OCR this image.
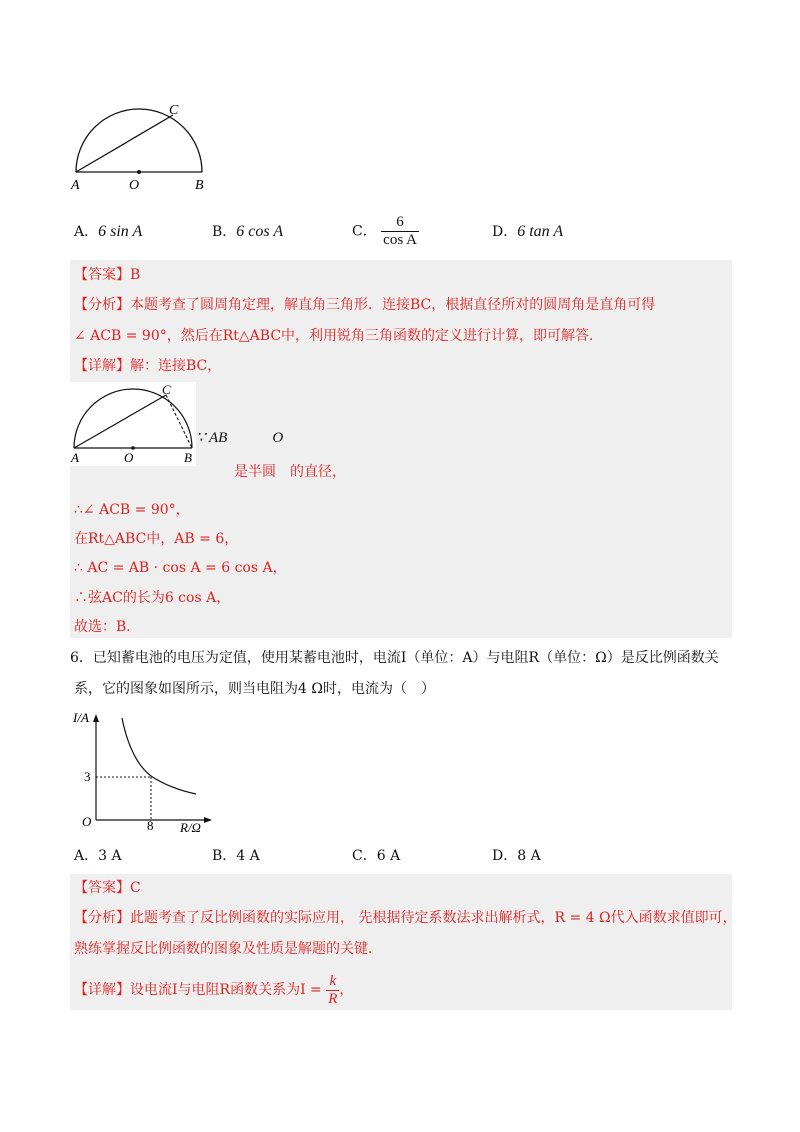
C
A	O	B
A．6 sin A	B．6 cos A	C． $\frac{6}{\text{cos A}}$	D．6 tan A
【答案】B
【分析】本题考查了圆周角定理，解直角三角形．连接BC，根据直径所对的圆周角是直角可得
∠ ACB = 90°，然后在Rt△ABC中，利用锐角三角函数的定义进行计算，即可解答．
【详解】解：连接BC，
C
A	O	B
∵ AB　　　O
是半圆　的直径，
∴∠ ACB = 90°，
在Rt△ABC中，AB = 6，
∴ AC = AB · cos A = 6 cos A，
∴弦AC的长为6 cos A，
故选：B．
6．已知蓄电池的电压为定值，使用某蓄电池时，电流I（单位：A）与电阻R（单位：Ω）是反比例函数关
系，它的图象如图所示，则当电阻为4 Ω时，电流为（　）
I/A
3
O	8 R/Ω
A．3 A	B．4 A	C．6 A	D．8 A
【答案】C
【分析】此题考查了反比例函数的实际应用， 先根据待定系数法求出解析式，R = 4 Ω代入函数求值即可，
熟练掌握反比例函数的图象及性质是解题的关键．
【详解】设电流I与电阻R函数关系为$I = \frac{k}{R}$ ，
